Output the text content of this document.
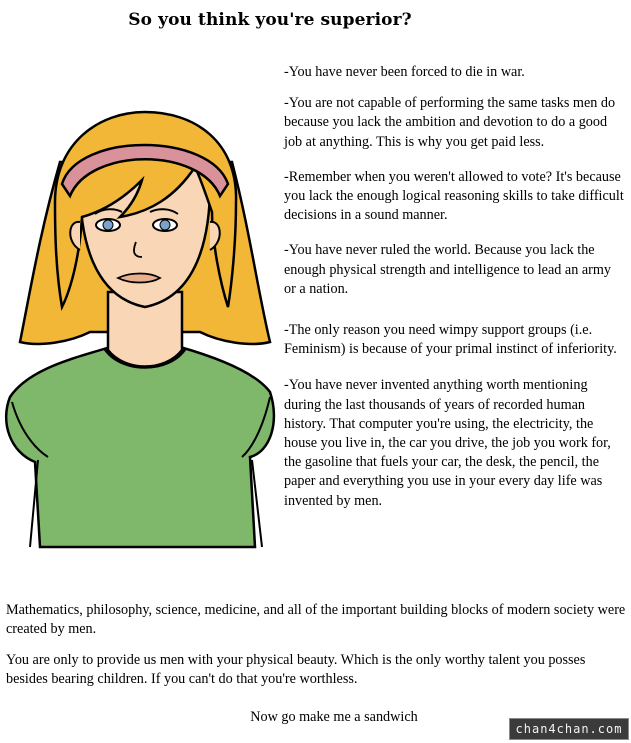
So you think you're superior?

-You have never been forced to die in war.

-You are not capable of performing the same tasks men do because you lack the ambition and devotion to do a good job at anything. This is why you get paid less.

-Remember when you weren't allowed to vote? It's because you lack the enough logical reasoning skills to take difficult decisions in a sound manner.

-You have never ruled the world. Because you lack the enough physical strength and intelligence to lead an army or a nation.

-The only reason you need wimpy support groups (i.e. Feminism) is because of your primal instinct of inferiority.

-You have never invented anything worth mentioning during the last thousands of years of recorded human history. That computer you're using, the electricity, the house you live in, the car you drive, the job you work for, the gasoline that fuels your car, the desk, the pencil, the paper and everything you use in your every day life was invented by men.

Mathematics, philosophy, science, medicine, and all of the important building blocks of modern society were created by men.

You are only to provide us men with your physical beauty. Which is the only worthy talent you posses besides bearing children. If you can't do that you're worthless.

Now go make me a sandwich
chan4chan.com
